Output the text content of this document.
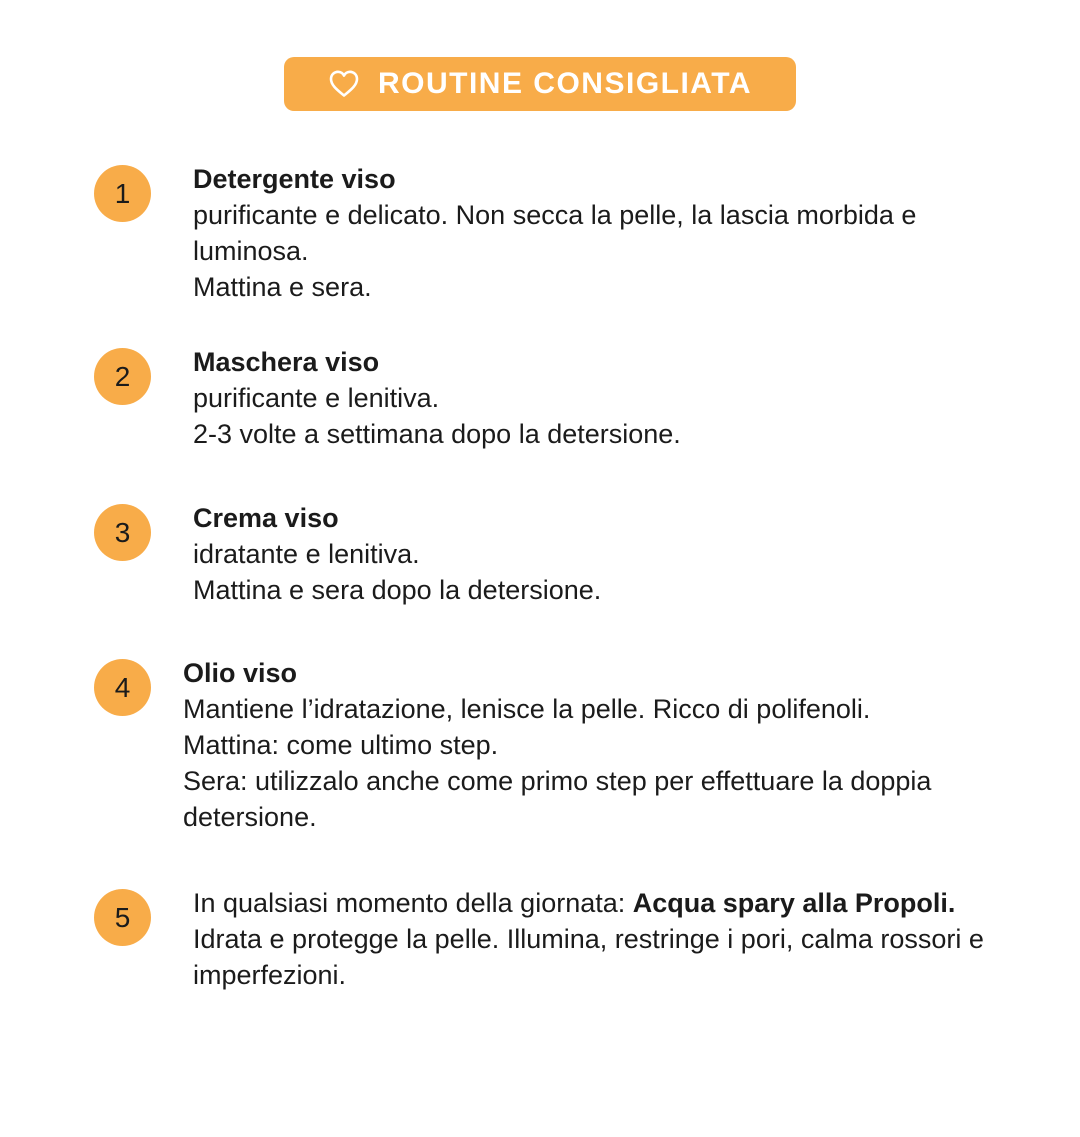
ROUTINE CONSIGLIATA
1 Detergente viso

purificante e delicato. Non secca la pelle, la lascia morbida e luminosa.

Mattina e sera.

2 Maschera viso

purificante e lenitiva.

2-3 volte a settimana dopo la detersione.

3 Crema viso

idratante e lenitiva.

Mattina e sera dopo la detersione.

4 Olio viso

Mantiene l’idratazione, lenisce la pelle. Ricco di polifenoli.

Mattina: come ultimo step.

Sera: utilizzalo anche come primo step per effettuare la doppia detersione.

5 In qualsiasi momento della giornata: Acqua spary alla Propoli.

Idrata e protegge la pelle. Illumina, restringe i pori, calma rossori e imperfezioni.
